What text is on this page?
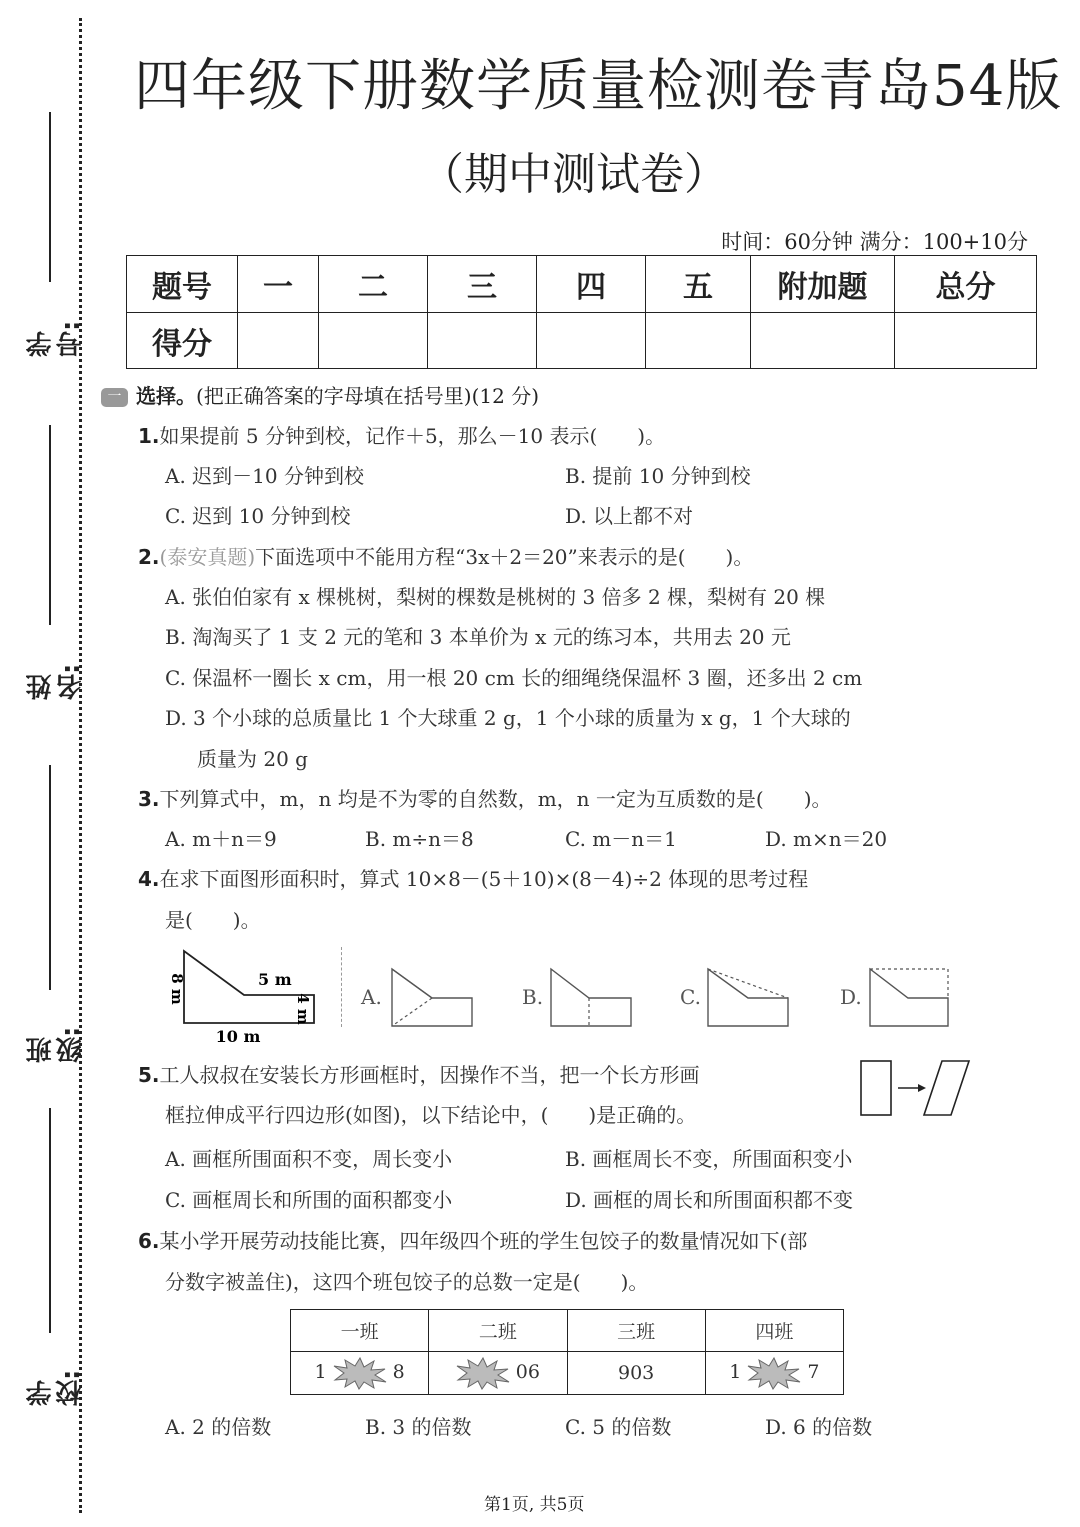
学号:
姓名:
班级:
学校:
四年级下册数学质量检测卷青岛54版
（期中测试卷）
时间：60分钟 满分：100+10分
题号	一	二	三	四	五	附加题	总分
得分							
一 选择。(把正确答案的字母填在括号里)(12 分)
1.如果提前 5 分钟到校，记作＋5，那么－10 表示(　　)。
A. 迟到－10 分钟到校	B. 提前 10 分钟到校
C. 迟到 10 分钟到校	D. 以上都不对
2.(泰安真题)下面选项中不能用方程“3x＋2＝20”来表示的是(　　)。
A. 张伯伯家有 x 棵桃树，梨树的棵数是桃树的 3 倍多 2 棵，梨树有 20 棵
B. 淘淘买了 1 支 2 元的笔和 3 本单价为 x 元的练习本，共用去 20 元
C. 保温杯一圈长 x cm，用一根 20 cm 长的细绳绕保温杯 3 圈，还多出 2 cm
D. 3 个小球的总质量比 1 个大球重 2 g，1 个小球的质量为 x g，1 个大球的
质量为 20 g
3.下列算式中，m，n 均是不为零的自然数，m，n 一定为互质数的是(　　)。
A. m＋n＝9	B. m÷n＝8	C. m－n＝1	D. m×n＝20
4.在求下面图形面积时，算式 10×8－(5＋10)×(8－4)÷2 体现的思考过程
是(　　)。
8 m	5 m
4 m
10 m
A.	B.	C.	D.
5.工人叔叔在安装长方形画框时，因操作不当，把一个长方形画
框拉伸成平行四边形(如图)，以下结论中，(　　)是正确的。
A. 画框所围面积不变，周长变小	B. 画框周长不变，所围面积变小
C. 画框周长和所围的面积都变小	D. 画框的周长和所围面积都不变
6.某小学开展劳动技能比赛，四年级四个班的学生包饺子的数量情况如下(部
分数字被盖住)，这四个班包饺子的总数一定是(　　)。
一班	二班	三班	四班
1 8	06	903	1 7
A. 2 的倍数	B. 3 的倍数	C. 5 的倍数	D. 6 的倍数
第1页, 共5页
